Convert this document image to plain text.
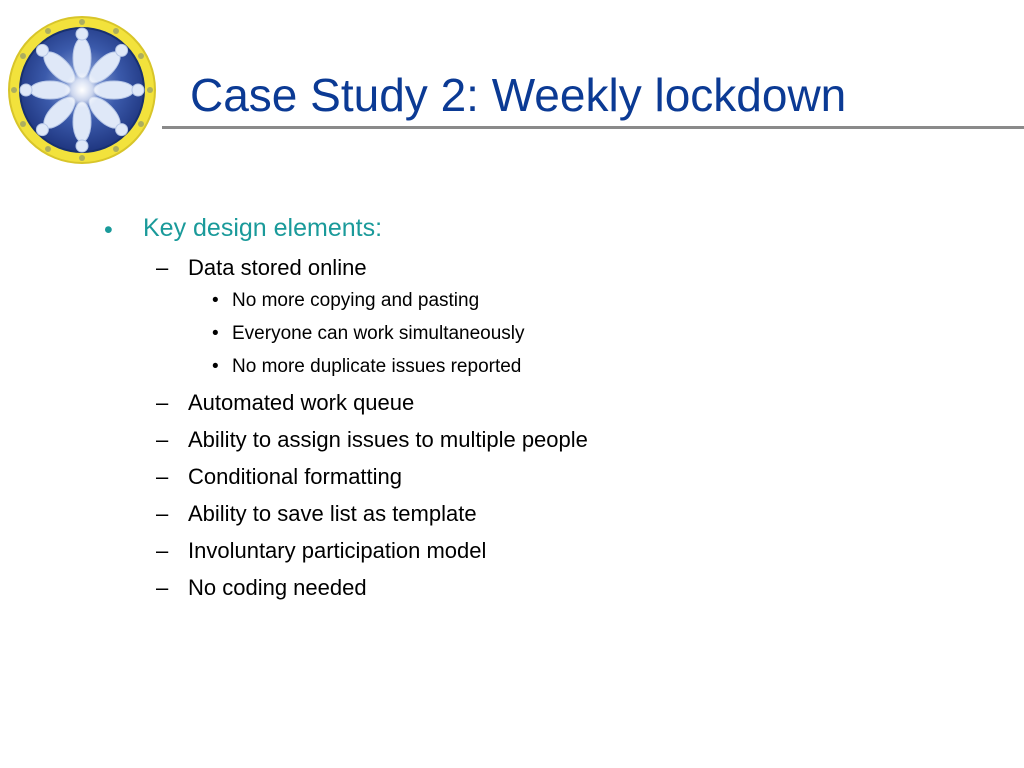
Case Study 2: Weekly lockdown
• Key design elements:
– Data stored online
• No more copying and pasting
• Everyone can work simultaneously
• No more duplicate issues reported
– Automated work queue
– Ability to assign issues to multiple people
– Conditional formatting
– Ability to save list as template
– Involuntary participation model
– No coding needed
